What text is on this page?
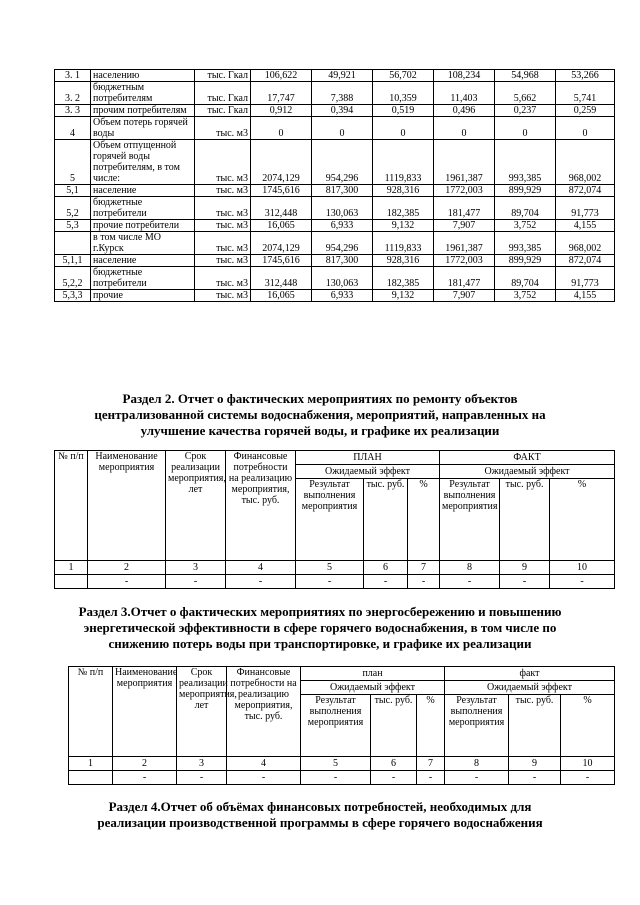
3. 1	населению	тыс. Гкал	106,622	49,921	56,702	108,234	54,968	53,266
3. 2	бюджетным потребителям	тыс. Гкал	17,747	7,388	10,359	11,403	5,662	5,741
3. 3	прочим потребителям	тыс. Гкал	0,912	0,394	0,519	0,496	0,237	0,259
4	Объем потерь горячей воды	тыс. м3	0	0	0	0	0	0
5	Объем отпущенной горячей воды потребителям, в том числе:	тыс. м3	2074,129	954,296	1119,833	1961,387	993,385	968,002
5,1	население	тыс. м3	1745,616	817,300	928,316	1772,003	899,929	872,074
5,2	бюджетные потребители	тыс. м3	312,448	130,063	182,385	181,477	89,704	91,773
5,3	прочие потребители	тыс. м3	16,065	6,933	9,132	7,907	3,752	4,155
	в том числе МО г.Курск	тыс. м3	2074,129	954,296	1119,833	1961,387	993,385	968,002
5,1,1	население	тыс. м3	1745,616	817,300	928,316	1772,003	899,929	872,074
5,2,2	бюджетные потребители	тыс. м3	312,448	130,063	182,385	181,477	89,704	91,773
5,3,3	прочие	тыс. м3	16,065	6,933	9,132	7,907	3,752	4,155
Раздел 2. Отчет о фактических мероприятиях по ремонту объектов
централизованной системы водоснабжения, мероприятий, направленных на
улучшение качества горячей воды, и графике их реализации
№ п/п	Наименование мероприятия	Срок реализации мероприятия, лет	Финансовые потребности на реализацию мероприятия, тыс. руб.	ПЛАН			ФАКТ		
				Ожидаемый эффект			Ожидаемый эффект		
				Результат выполнения мероприятия	тыс. руб.	%	Результат выполнения мероприятия	тыс. руб.	%
1	2	3	4	5	6	7	8	9	10
	-	-	-	-	-	-	-	-	-
Раздел 3.Отчет о фактических мероприятиях по энергосбережению и повышению
энергетической эффективности в сфере горячего водоснабжения, в том числе по
снижению потерь воды при транспортировке, и графике их реализации
№ п/п	Наименование мероприятия	Срок реализации мероприятия, лет	Финансовые потребности на реализацию мероприятия, тыс. руб.	план			факт		
				Ожидаемый эффект			Ожидаемый эффект		
				Результат выполнения мероприятия	тыс. руб.	%	Результат выполнения мероприятия	тыс. руб.	%
1	2	3	4	5	6	7	8	9	10
	-	-	-	-	-	-	-	-	-
Раздел 4.Отчет об объёмах финансовых потребностей, необходимых для
реализации производственной программы в сфере горячего водоснабжения
